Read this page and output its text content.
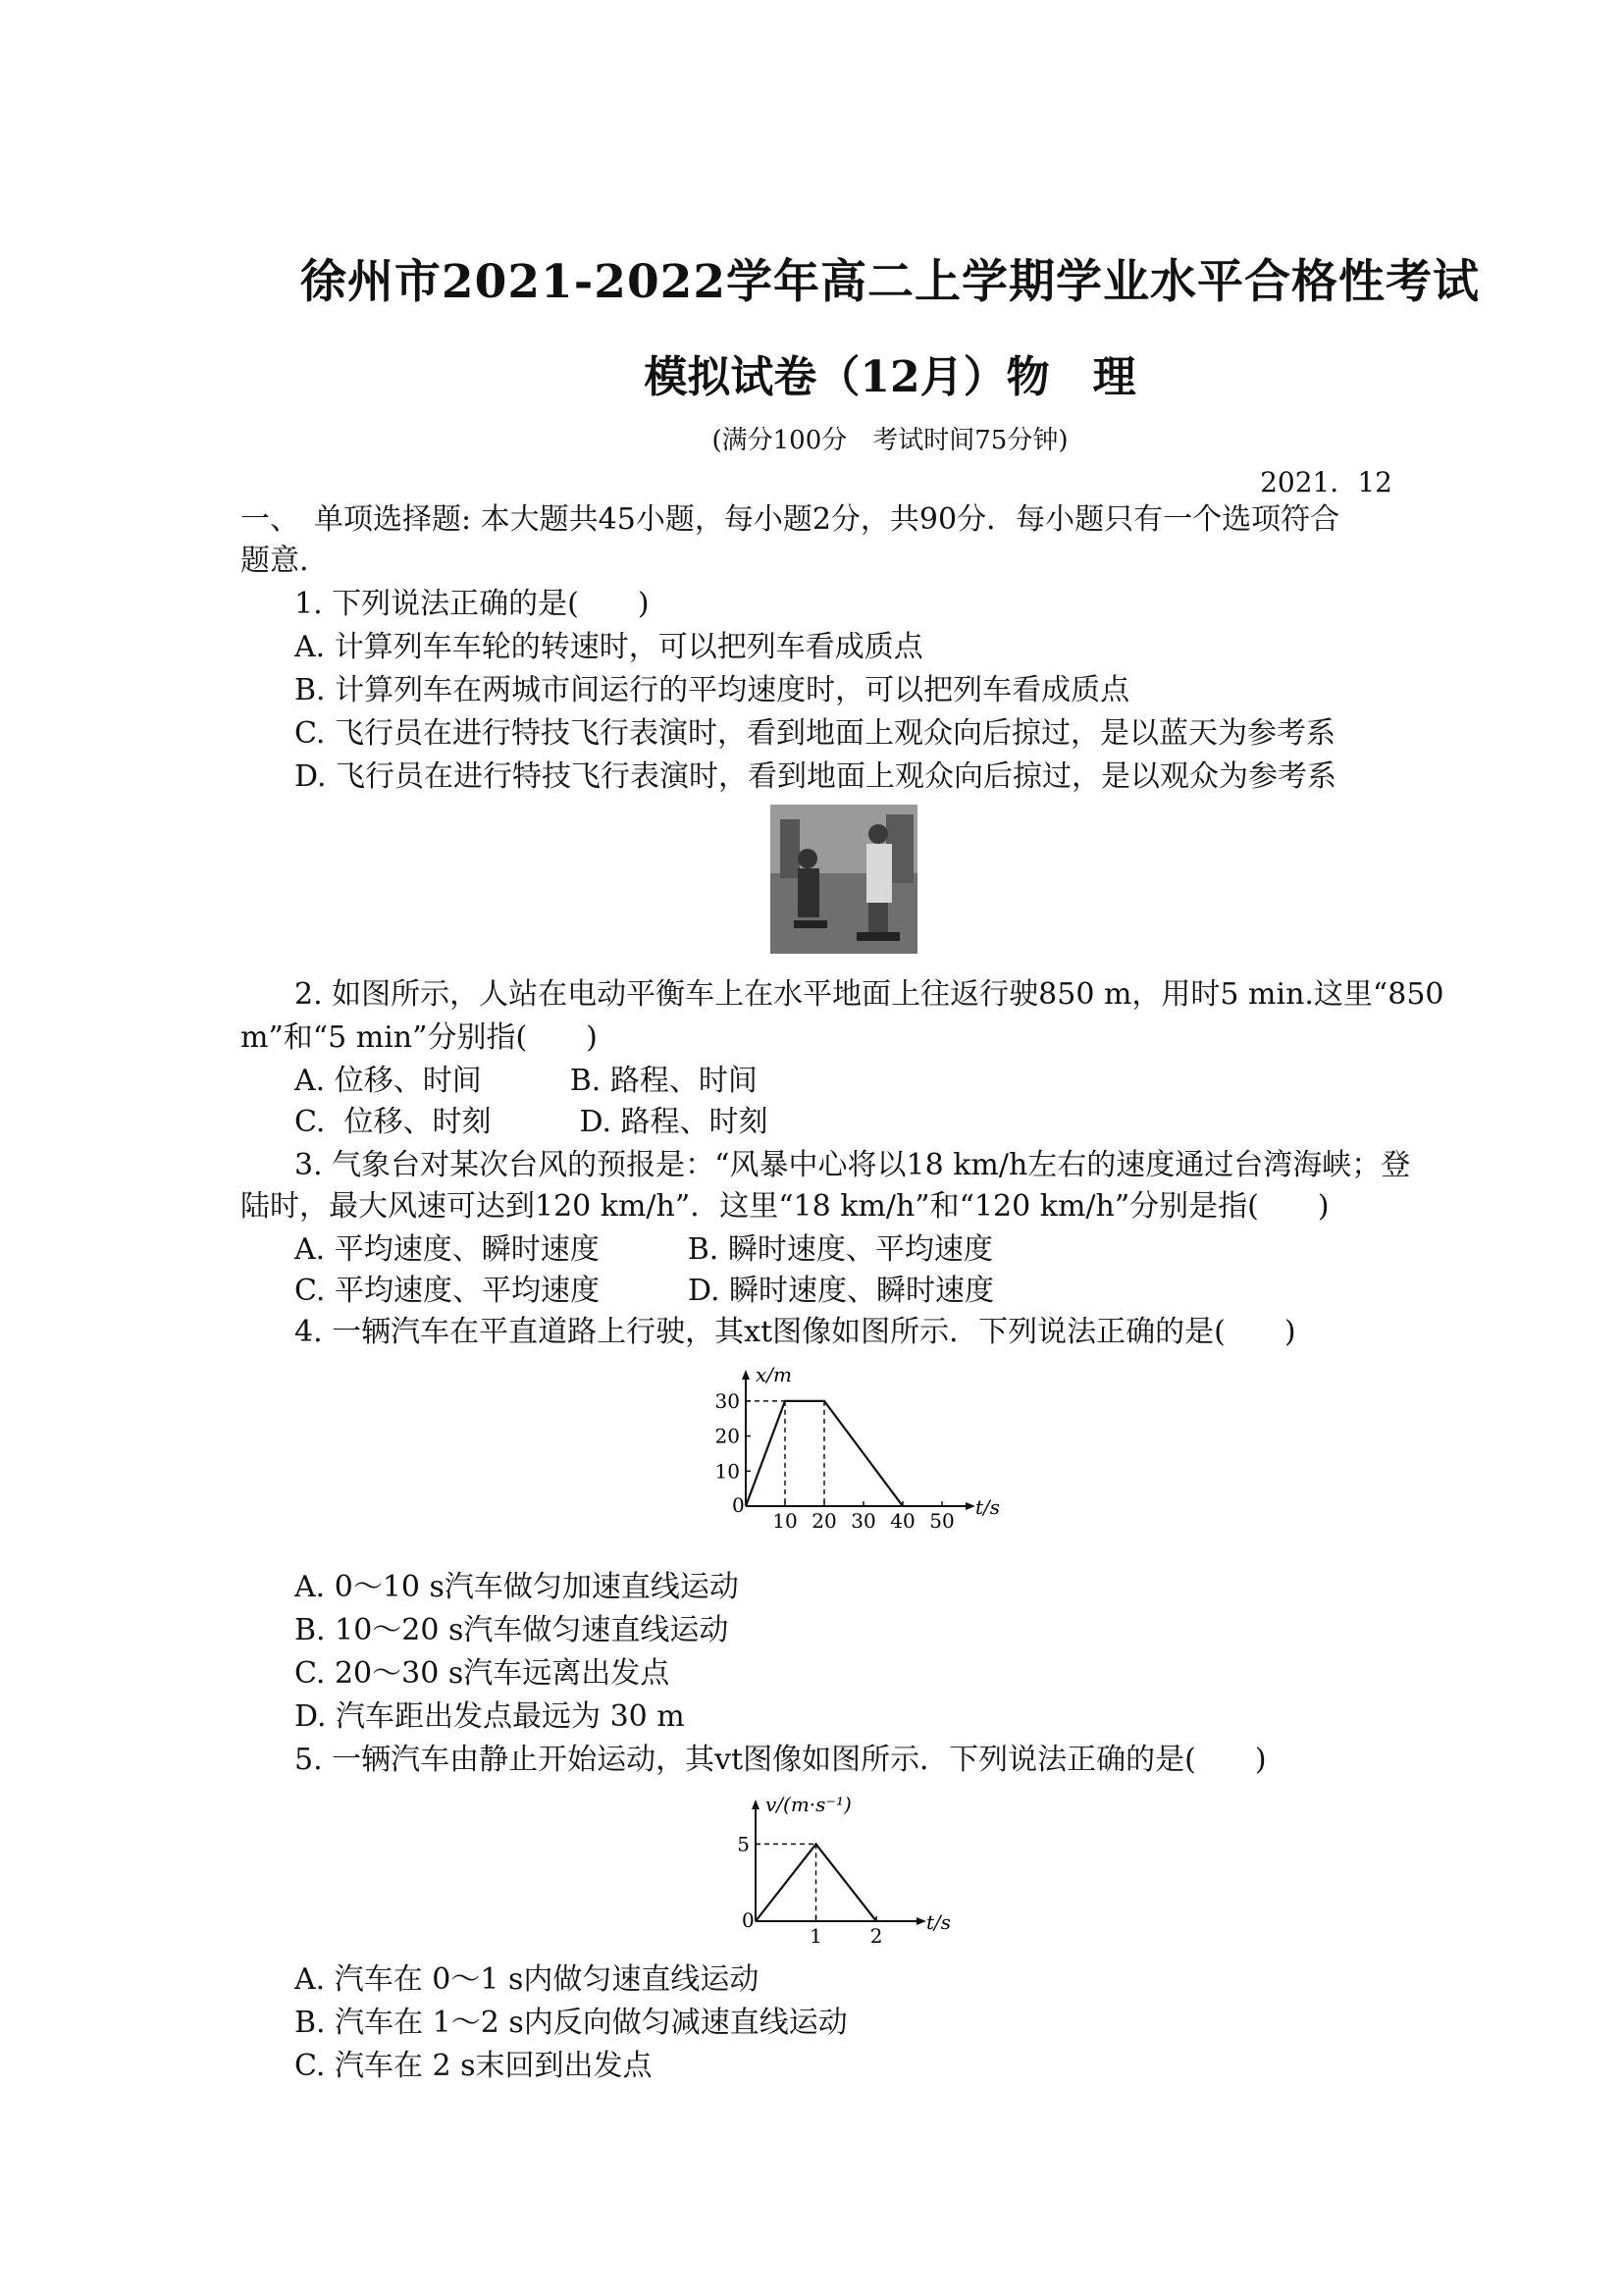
徐州市2021-2022学年高二上学期学业水平合格性考试
模拟试卷（12月）物　理
(满分100分　考试时间75分钟)
2021．12
一、　单项选择题: 本大题共45小题，每小题2分，共90分．每小题只有一个选项符合
题意.
1. 下列说法正确的是(　　)
A. 计算列车车轮的转速时，可以把列车看成质点
B. 计算列车在两城市间运行的平均速度时，可以把列车看成质点
C. 飞行员在进行特技飞行表演时，看到地面上观众向后掠过，是以蓝天为参考系
D. 飞行员在进行特技飞行表演时，看到地面上观众向后掠过，是以观众为参考系
2. 如图所示，人站在电动平衡车上在水平地面上往返行驶850 m，用时5 min.这里“850
m”和“5 min”分别指(　　)
A. 位移、时间　　　B. 路程、时间
C.  位移、时刻　　　D. 路程、时刻
3. 气象台对某次台风的预报是：“风暴中心将以18 km/h左右的速度通过台湾海峡；登
陆时，最大风速可达到120 km/h”．这里“18 km/h”和“120 km/h”分别是指(　　)
A. 平均速度、瞬时速度　　　B. 瞬时速度、平均速度
C. 平均速度、平均速度　　　D. 瞬时速度、瞬时速度
4. 一辆汽车在平直道路上行驶，其xt图像如图所示．下列说法正确的是(　　)
0
10 20 30 40 50
10
20
30
t/s
x/m
A. 0～10 s汽车做匀加速直线运动
B. 10～20 s汽车做匀速直线运动
C. 20～30 s汽车远离出发点
D. 汽车距出发点最远为 30 m
5. 一辆汽车由静止开始运动，其vt图像如图所示．下列说法正确的是(　　)
0
1 2
5
t/s
v/(m·s⁻¹)
A. 汽车在 0～1 s内做匀速直线运动
B. 汽车在 1～2 s内反向做匀减速直线运动
C. 汽车在 2 s末回到出发点
